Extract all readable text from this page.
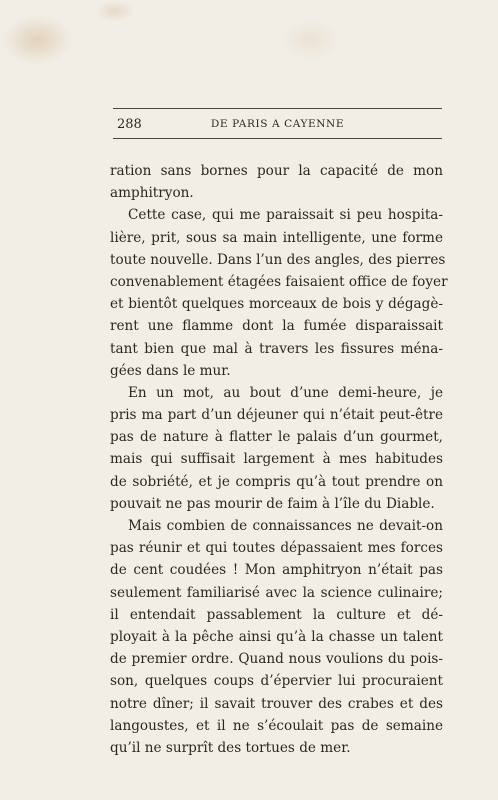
288	DE PARIS A CAYENNE
ration sans bornes pour la capacité de mon
amphitryon.
Cette case, qui me paraissait si peu hospita-
lière, prit, sous sa main intelligente, une forme
toute nouvelle. Dans l’un des angles, des pierres
convenablement étagées faisaient office de foyer
et bientôt quelques morceaux de bois y dégagè-
rent une flamme dont la fumée disparaissait
tant bien que mal à travers les fissures ména-
gées dans le mur.
En un mot, au bout d’une demi-heure, je
pris ma part d’un déjeuner qui n’était peut-être
pas de nature à flatter le palais d’un gourmet,
mais qui suffisait largement à mes habitudes
de sobriété, et je compris qu’à tout prendre on
pouvait ne pas mourir de faim à l’île du Diable.
Mais combien de connaissances ne devait-on
pas réunir et qui toutes dépassaient mes forces
de cent coudées ! Mon amphitryon n’était pas
seulement familiarisé avec la science culinaire;
il entendait passablement la culture et dé-
ployait à la pêche ainsi qu’à la chasse un talent
de premier ordre. Quand nous voulions du pois-
son, quelques coups d’épervier lui procuraient
notre dîner; il savait trouver des crabes et des
langoustes, et il ne s’écoulait pas de semaine
qu’il ne surprît des tortues de mer.
